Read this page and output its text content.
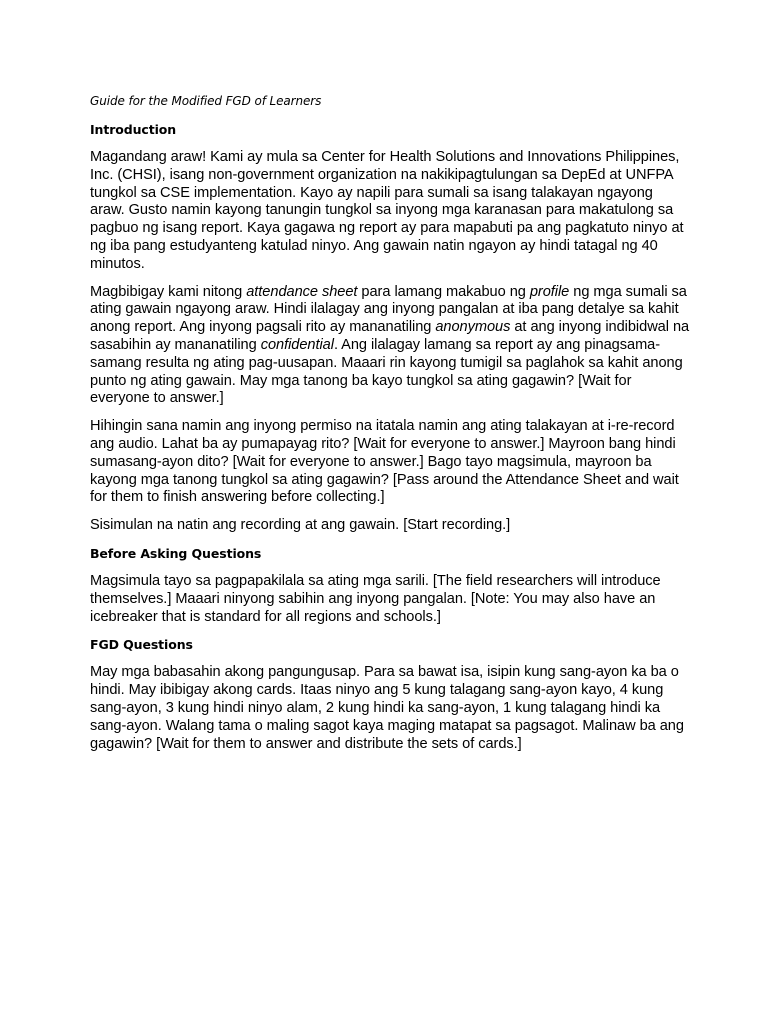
Guide for the Modified FGD of Learners
Introduction

Magandang araw! Kami ay mula sa Center for Health Solutions and Innovations Philippines, Inc. (CHSI), isang non-government organization na nakikipagtulungan sa DepEd at UNFPA tungkol sa CSE implementation. Kayo ay napili para sumali sa isang talakayan ngayong araw. Gusto namin kayong tanungin tungkol sa inyong mga karanasan para makatulong sa pagbuo ng isang report. Kaya gagawa ng report ay para mapabuti pa ang pagkatuto ninyo at ng iba pang estudyanteng katulad ninyo. Ang gawain natin ngayon ay hindi tatagal ng 40 minutos.

Magbibigay kami nitong attendance sheet para lamang makabuo ng profile ng mga sumali sa ating gawain ngayong araw. Hindi ilalagay ang inyong pangalan at iba pang detalye sa kahit anong report. Ang inyong pagsali rito ay mananatiling anonymous at ang inyong indibidwal na sasabihin ay mananatiling confidential. Ang ilalagay lamang sa report ay ang pinagsama-samang resulta ng ating pag-uusapan. Maaari rin kayong tumigil sa paglahok sa kahit anong punto ng ating gawain. May mga tanong ba kayo tungkol sa ating gagawin? [Wait for everyone to answer.]

Hihingin sana namin ang inyong permiso na itatala namin ang ating talakayan at i-re-record ang audio. Lahat ba ay pumapayag rito? [Wait for everyone to answer.] Mayroon bang hindi sumasang-ayon dito? [Wait for everyone to answer.] Bago tayo magsimula, mayroon ba kayong mga tanong tungkol sa ating gagawin? [Pass around the Attendance Sheet and wait for them to finish answering before collecting.]

Sisimulan na natin ang recording at ang gawain. [Start recording.]

Before Asking Questions

Magsimula tayo sa pagpapakilala sa ating mga sarili. [The field researchers will introduce themselves.] Maaari ninyong sabihin ang inyong pangalan. [Note: You may also have an icebreaker that is standard for all regions and schools.]

FGD Questions

May mga babasahin akong pangungusap. Para sa bawat isa, isipin kung sang-ayon ka ba o hindi. May ibibigay akong cards. Itaas ninyo ang 5 kung talagang sang-ayon kayo, 4 kung sang-ayon, 3 kung hindi ninyo alam, 2 kung hindi ka sang-ayon, 1 kung talagang hindi ka sang-ayon. Walang tama o maling sagot kaya maging matapat sa pagsagot. Malinaw ba ang gagawin? [Wait for them to answer and distribute the sets of cards.]
